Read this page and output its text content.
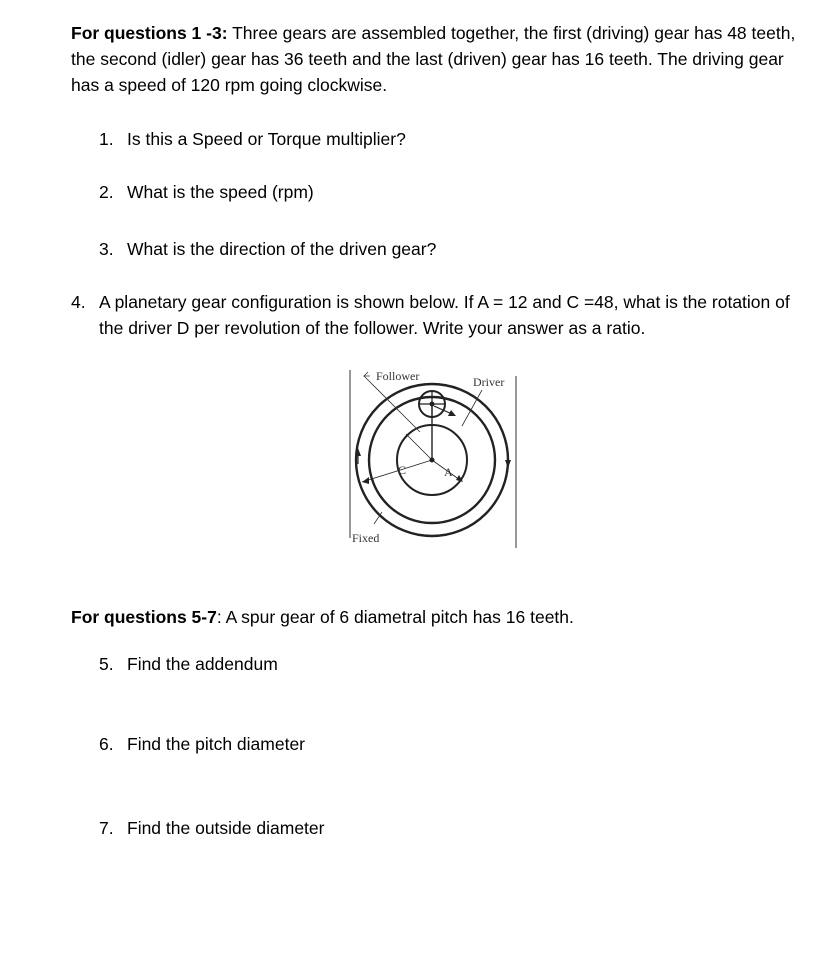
For questions 1 -3: Three gears are assembled together, the first (driving) gear has 48 teeth, the second (idler) gear has 36 teeth and the last (driven) gear has 16 teeth. The driving gear has a speed of 120 rpm going clockwise.

1. Is this a Speed or Torque multiplier?

2. What is the speed (rpm)

3. What is the direction of the driven gear?

4. A planetary gear configuration is shown below. If A = 12 and C =48, what is the rotation of the driver D per revolution of the follower. Write your answer as a ratio.

Follower	Driver
Fixed
C	A

For questions 5-7: A spur gear of 6 diametral pitch has 16 teeth.

5. Find the addendum

6. Find the pitch diameter

7. Find the outside diameter
